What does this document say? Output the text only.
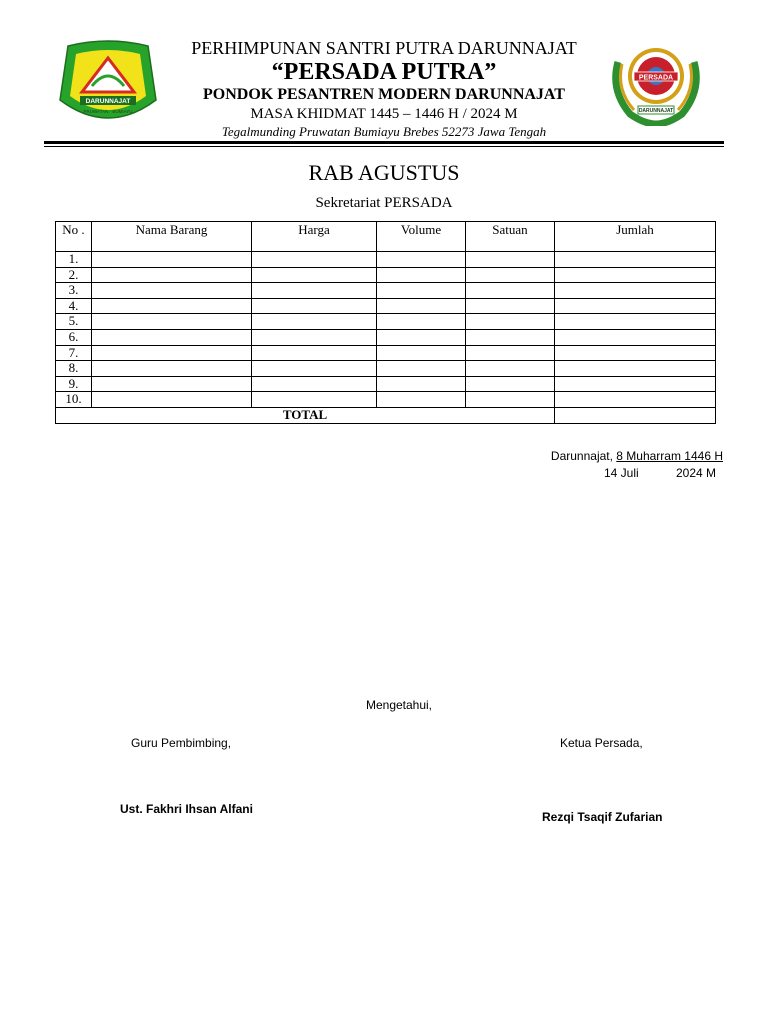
DARUNNAJAT
PRUWATAN - BUMIAYU
PERSADA
DARUNNAJAT
PERHIMPUNAN SANTRI PUTRA DARUNNAJAT
“PERSADA PUTRA”
PONDOK PESANTREN MODERN DARUNNAJAT
MASA KHIDMAT 1445 – 1446 H / 2024 M
Tegalmunding Pruwatan Bumiayu Brebes 52273 Jawa Tengah
RAB AGUSTUS
Sekretariat PERSADA
No .	Nama Barang	Harga	Volume	Satuan	Jumlah
1.					
2.					
3.					
4.					
5.					
6.					
7.					
8.					
9.					
10.					
TOTAL					
Darunnajat, 8 Muharram 1446 H
14 Juli	2024 M
Mengetahui,
Guru Pembimbing,	Ketua Persada,
Ust. Fakhri Ihsan Alfani
Rezqi Tsaqif Zufarian
